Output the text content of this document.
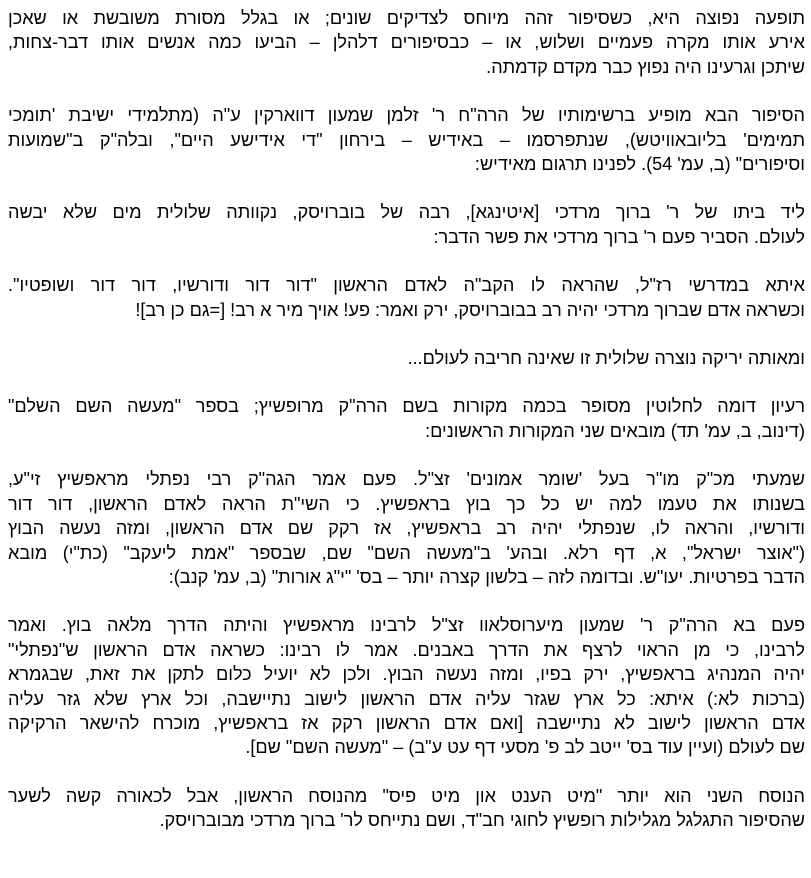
תופעה נפוצה היא, כשסיפור זהה מיוחס לצדיקים שונים; או בגלל מסורת משובשת או שאכן
אירע אותו מקרה פעמיים ושלוש, או – כבסיפורים דלהלן – הביעו כמה אנשים אותו דבר-צחות,
שיתכן וגרעינו היה נפוץ כבר מקדם קדמתה.
הסיפור הבא מופיע ברשימותיו של הרה"ח ר' זלמן שמעון דווארקין ע"ה (מתלמידי ישיבת 'תומכי
תמימים' בליובאוויטש), שנתפרסמו – באידיש – בירחון "די אידישע היים", ובלה"ק ב"שמועות
וסיפורים" (ב, עמ' 54). לפנינו תרגום מאידיש:
ליד ביתו של ר' ברוך מרדכי [איטינגא], רבה של בוברויסק, נקוותה שלולית מים שלא יבשה
לעולם. הסביר פעם ר' ברוך מרדכי את פשר הדבר:
איתא במדרשי רז"ל, שהראה לו הקב"ה לאדם הראשון "דור דור ודורשיו, דור דור ושופטיו".
וכשראה אדם שברוך מרדכי יהיה רב בבוברויסק, ירק ואמר: פע! אויך מיר א רב! [=גם כן רב]!
ומאותה יריקה נוצרה שלולית זו שאינה חריבה לעולם...
רעיון דומה לחלוטין מסופר בכמה מקורות בשם הרה"ק מרופשיץ; בספר "מעשה השם השלם"
(דינוב, ב, עמ' תד) מובאים שני המקורות הראשונים:
שמעתי מכ"ק מו"ר בעל 'שומר אמונים' זצ"ל. פעם אמר הגה"ק רבי נפתלי מראפשיץ זי"ע,
בשנותו את טעמו למה יש כל כך בוץ בראפשיץ. כי השי"ת הראה לאדם הראשון, דור דור
ודורשיו, והראה לו, שנפתלי יהיה רב בראפשיץ, אז רקק שם אדם הראשון, ומזה נעשה הבוץ
("אוצר ישראל", א, דף רלא. ובהע' ב"מעשה השם" שם, שבספר "אמת ליעקב" (כת"י) מובא
הדבר בפרטיות. יעו"ש. ובדומה לזה – בלשון קצרה יותר – בס' "י"ג אורות" (ב, עמ' קנב):
פעם בא הרה"ק ר' שמעון מיערוסלאוו זצ"ל לרבינו מראפשיץ והיתה הדרך מלאה בוץ. ואמר
לרבינו, כי מן הראוי לרצף את הדרך באבנים. אמר לו רבינו: כשראה אדם הראשון ש"נפתלי"
יהיה המנהיג בראפשיץ, ירק בפיו, ומזה נעשה הבוץ. ולכן לא יועיל כלום לתקן את זאת, שבגמרא
(ברכות לא:) איתא: כל ארץ שגזר עליה אדם הראשון לישוב נתיישבה, וכל ארץ שלא גזר עליה
אדם הראשון לישוב לא נתיישבה [ואם אדם הראשון רקק אז בראפשיץ, מוכרח להישאר הרקיקה
שם לעולם (ועיין עוד בס' ייטב לב פ' מסעי דף עט ע"ב) – "מעשה השם" שם].
הנוסח השני הוא יותר "מיט הענט און מיט פיס" מהנוסח הראשון, אבל לכאורה קשה לשער
שהסיפור התגלגל מגלילות רופשיץ לחוגי חב"ד, ושם נתייחס לר' ברוך מרדכי מבוברויסק.
